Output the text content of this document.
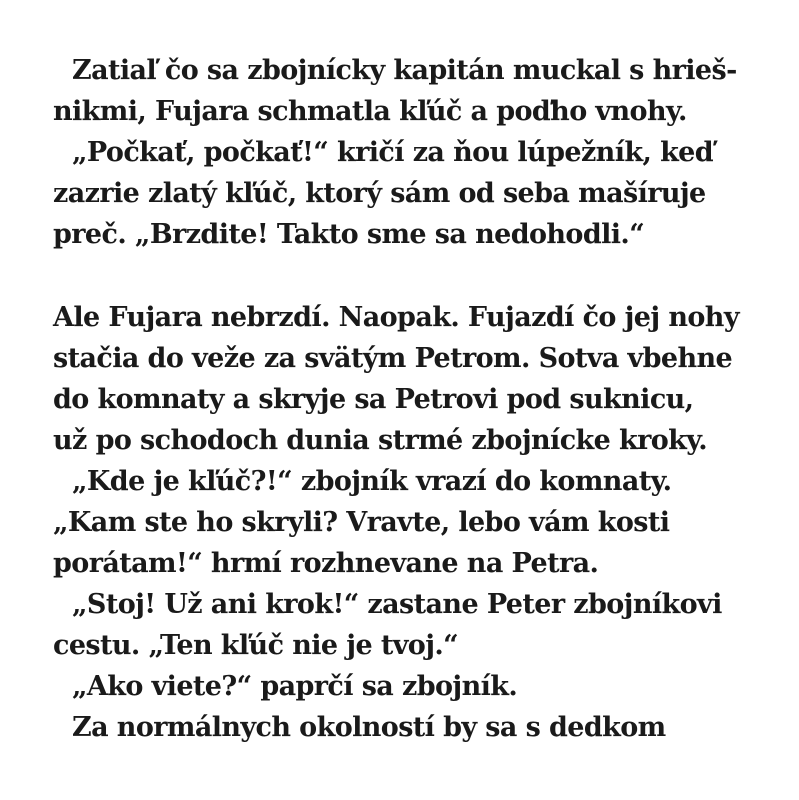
Zatiaľ čo sa zbojnícky kapitán muckal s hrieš-
nikmi, Fujara schmatla kľúč a poďho vnohy.
„Počkať, počkať!“ kričí za ňou lúpežník, keď
zazrie zlatý kľúč, ktorý sám od seba mašíruje
preč. „Brzdite! Takto sme sa nedohodli.“
Ale Fujara nebrzdí. Naopak. Fujazdí čo jej nohy
stačia do veže za svätým Petrom. Sotva vbehne
do komnaty a skryje sa Petrovi pod suknicu,
už po schodoch dunia strmé zbojnícke kroky.
„Kde je kľúč?!“ zbojník vrazí do komnaty.
„Kam ste ho skryli? Vravte, lebo vám kosti
porátam!“ hrmí rozhnevane na Petra.
„Stoj! Už ani krok!“ zastane Peter zbojníkovi
cestu. „Ten kľúč nie je tvoj.“
„Ako viete?“ paprčí sa zbojník.
Za normálnych okolností by sa s dedkom
